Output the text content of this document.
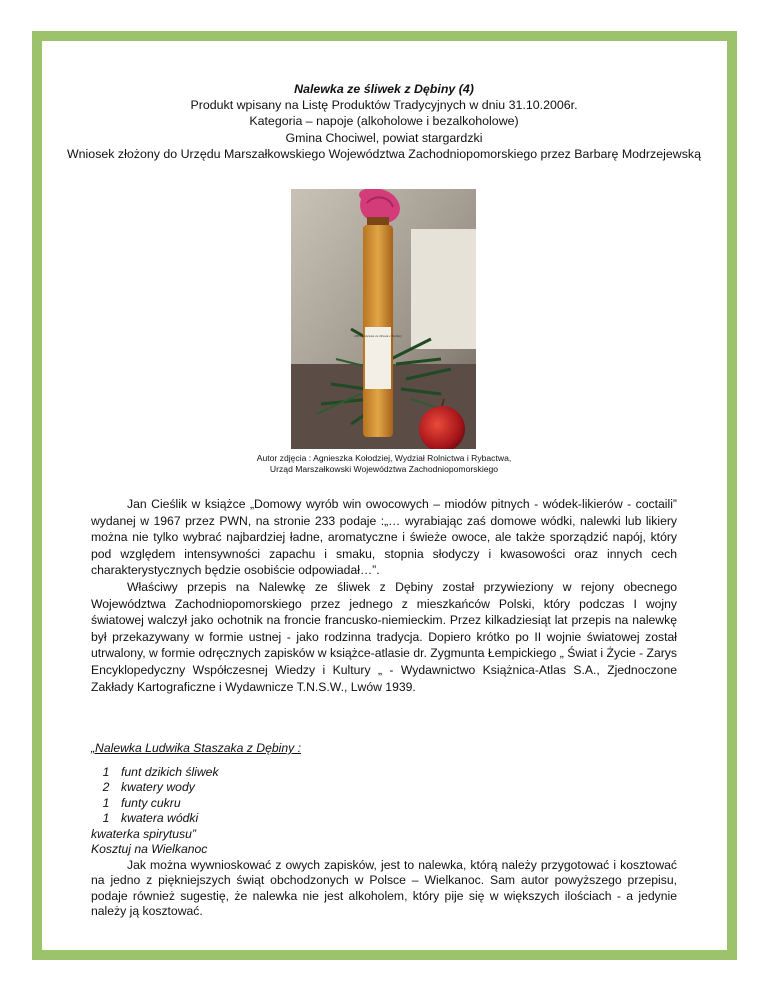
Nalewka ze śliwek z Dębiny (4)
Produkt wpisany na Listę Produktów Tradycyjnych w dniu 31.10.2006r.
Kategoria – napoje (alkoholowe i bezalkoholowe)
Gmina Chociwel, powiat stargardzki
Wniosek złożony do Urzędu Marszałkowskiego Województwa Zachodniopomorskiego przez Barbarę Modrzejewską
2005 Nalewka ze śliwek z Dębiny
Autor zdjęcia : Agnieszka Kołodziej, Wydział Rolnictwa i Rybactwa,
Urząd Marszałkowski Województwa Zachodniopomorskiego

Jan Cieślik w książce „Domowy wyrób win owocowych – miodów pitnych - wódek-likierów - coctaili” wydanej w 1967 przez PWN, na stronie 233 podaje :„… wyrabiając zaś domowe wódki, nalewki lub likiery można nie tylko wybrać najbardziej ładne, aromatyczne i świeże owoce, ale także sporządzić napój, który pod względem intensywności zapachu i smaku, stopnia słodyczy i kwasowości oraz innych cech charakterystycznych będzie osobiście odpowiadał…”.

Właściwy przepis na Nalewkę ze śliwek z Dębiny został przywieziony w rejony obecnego Województwa Zachodniopomorskiego przez jednego z mieszkańców Polski, który podczas I wojny światowej walczył jako ochotnik na froncie francusko-niemieckim. Przez kilkadziesiąt lat przepis na nalewkę był przekazywany w formie ustnej - jako rodzinna tradycja. Dopiero krótko po II wojnie światowej został utrwalony, w formie odręcznych zapisków w książce-atlasie dr. Zygmunta Łempickiego „ Świat i Życie - Zarys Encyklopedyczny Współczesnej Wiedzy i Kultury „ - Wydawnictwo Książnica-Atlas S.A., Zjednoczone Zakłady Kartograficzne i Wydawnicze T.N.S.W., Lwów 1939.

„Nalewka Ludwika Staszaka z Dębiny :
1 funt dzikich śliwek
2 kwatery wody
1 funty cukru
1 kwatera wódki
kwaterka spirytusu”
Kosztuj na Wielkanoc

Jak można wywnioskować z owych zapisków, jest to nalewka, którą należy przygotować i kosztować na jedno z piękniejszych świąt obchodzonych w Polsce – Wielkanoc. Sam autor powyższego przepisu, podaje również sugestię, że nalewka nie jest alkoholem, który pije się w większych ilościach - a jedynie należy ją kosztować.
